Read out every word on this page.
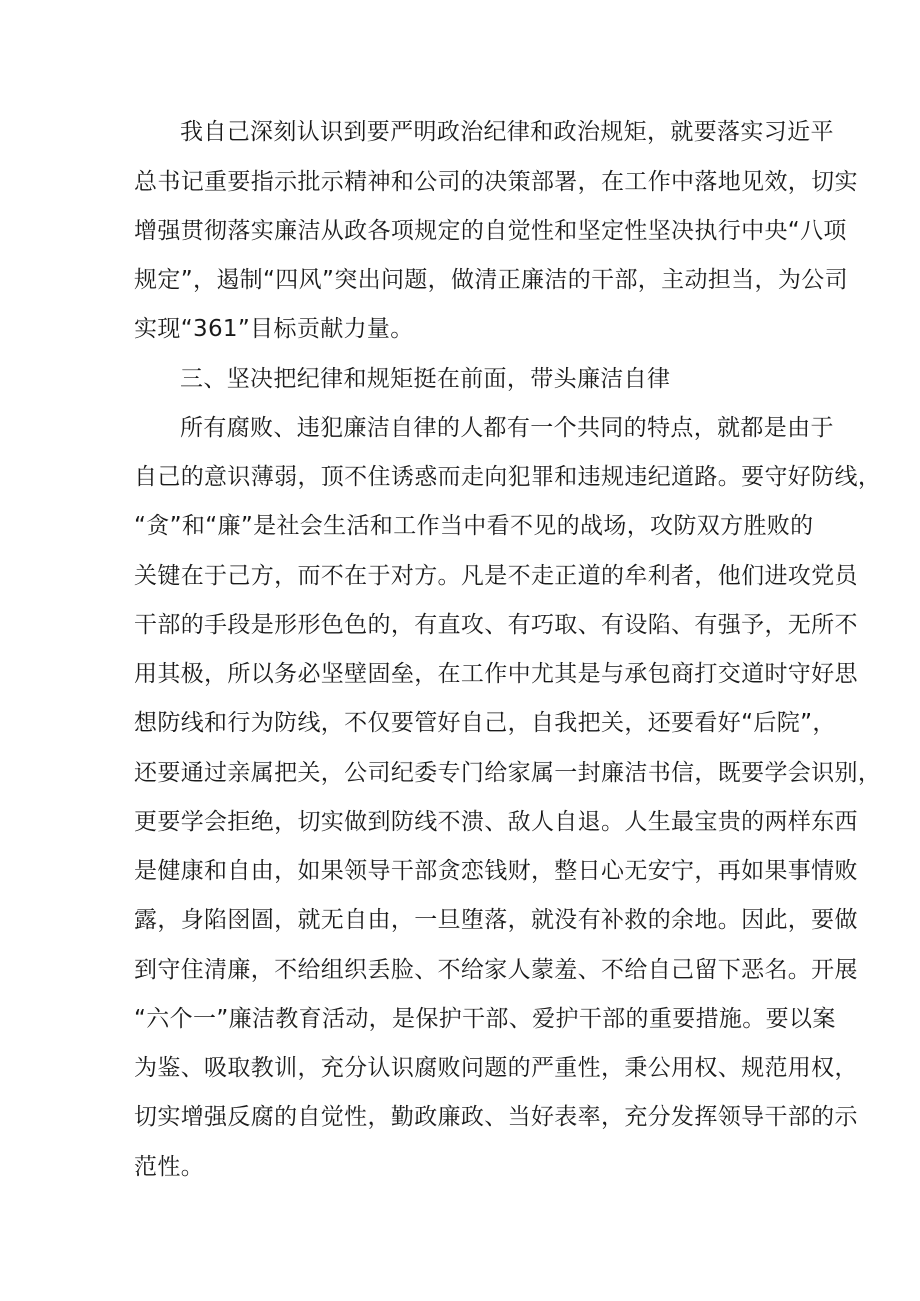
我自己深刻认识到要严明政治纪律和政治规矩，就要落实习近平
总书记重要指示批示精神和公司的决策部署，在工作中落地见效，切实
增强贯彻落实廉洁从政各项规定的自觉性和坚定性坚决执行中央“八项
规定”，遏制“四风”突出问题，做清正廉洁的干部，主动担当，为公司
实现“361”目标贡献力量。
三、坚决把纪律和规矩挺在前面，带头廉洁自律
所有腐败、违犯廉洁自律的人都有一个共同的特点，就都是由于
自己的意识薄弱，顶不住诱惑而走向犯罪和违规违纪道路。要守好防线，
“贪”和“廉”是社会生活和工作当中看不见的战场，攻防双方胜败的
关键在于己方，而不在于对方。凡是不走正道的牟利者，他们进攻党员
干部的手段是形形色色的，有直攻、有巧取、有设陷、有强予，无所不
用其极，所以务必坚壁固垒，在工作中尤其是与承包商打交道时守好思
想防线和行为防线，不仅要管好自己，自我把关，还要看好“后院”，
还要通过亲属把关，公司纪委专门给家属一封廉洁书信，既要学会识别，
更要学会拒绝，切实做到防线不溃、敌人自退。人生最宝贵的两样东西
是健康和自由，如果领导干部贪恋钱财，整日心无安宁，再如果事情败
露，身陷囹圄，就无自由，一旦堕落，就没有补救的余地。因此，要做
到守住清廉，不给组织丢脸、不给家人蒙羞、不给自己留下恶名。开展
“六个一”廉洁教育活动，是保护干部、爱护干部的重要措施。要以案
为鉴、吸取教训，充分认识腐败问题的严重性，秉公用权、规范用权，
切实增强反腐的自觉性，勤政廉政、当好表率，充分发挥领导干部的示
范性。
